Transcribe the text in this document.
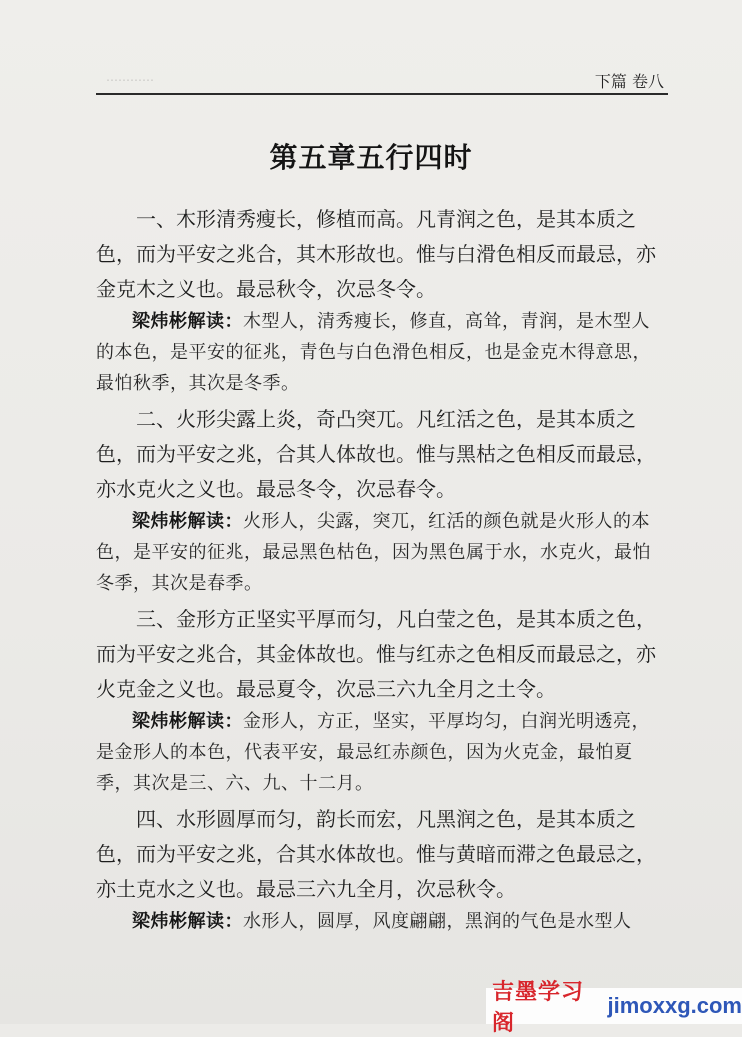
…………	下篇 卷八
第五章五行四时

一、木形清秀瘦长，修植而高。凡青润之色，是其本质之色，而为平安之兆合，其木形故也。惟与白滑色相反而最忌，亦金克木之义也。最忌秋令，次忌冬令。

梁炜彬解读：木型人，清秀瘦长，修直，高耸，青润，是木型人的本色，是平安的征兆，青色与白色滑色相反，也是金克木得意思，最怕秋季，其次是冬季。

二、火形尖露上炎，奇凸突兀。凡红活之色，是其本质之色，而为平安之兆，合其人体故也。惟与黑枯之色相反而最忌，亦水克火之义也。最忌冬令，次忌春令。

梁炜彬解读：火形人，尖露，突兀，红活的颜色就是火形人的本色，是平安的征兆，最忌黑色枯色，因为黑色属于水，水克火，最怕冬季，其次是春季。

三、金形方正坚实平厚而匀，凡白莹之色，是其本质之色，而为平安之兆合，其金体故也。惟与红赤之色相反而最忌之，亦火克金之义也。最忌夏令，次忌三六九全月之土令。

梁炜彬解读：金形人，方正，坚实，平厚均匀，白润光明透亮，是金形人的本色，代表平安，最忌红赤颜色，因为火克金，最怕夏季，其次是三、六、九、十二月。

四、水形圆厚而匀，韵长而宏，凡黑润之色，是其本质之色，而为平安之兆，合其水体故也。惟与黄暗而滞之色最忌之，亦土克水之义也。最忌三六九全月，次忌秋令。

梁炜彬解读：水形人，圆厚，风度翩翩，黑润的气色是水型人

吉墨学习阁
jimoxxg.com
